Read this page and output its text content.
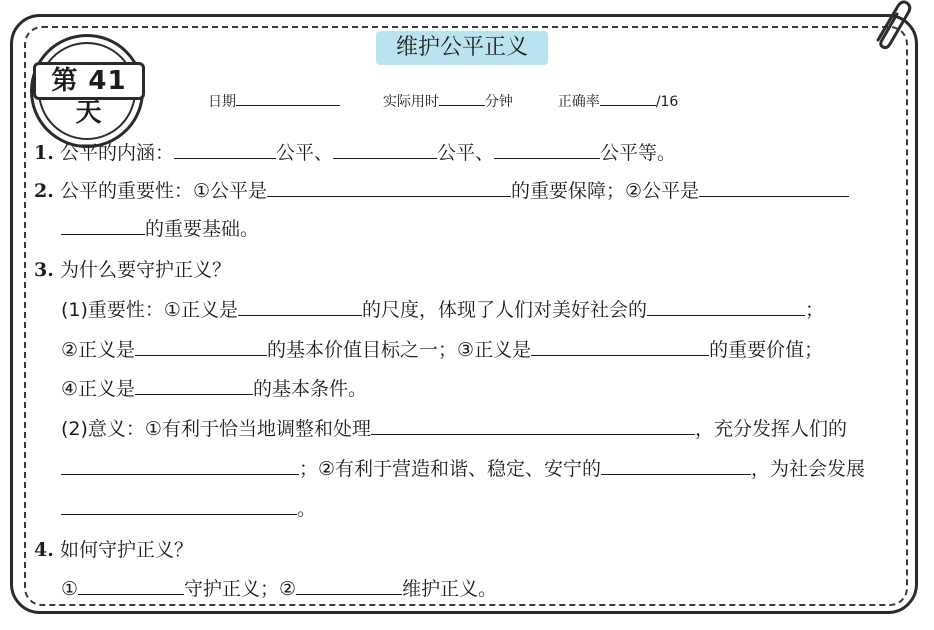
第 41 天
维护公平正义
日期	实际用时	分钟	正确率	/16
1. 公平的内涵：	公平、	公平、	公平等。
2. 公平的重要性：①公平是	的重要保障；②公平是
的重要基础。
3. 为什么要守护正义？
(1)重要性：①正义是	的尺度，体现了人们对美好社会的	；
②正义是	的基本价值目标之一；③正义是	的重要价值；
④正义是	的基本条件。
(2)意义：①有利于恰当地调整和处理	，充分发挥人们的
；②有利于营造和谐、稳定、安宁的	，为社会发展
。
4. 如何守护正义？
①	守护正义；②	维护正义。
